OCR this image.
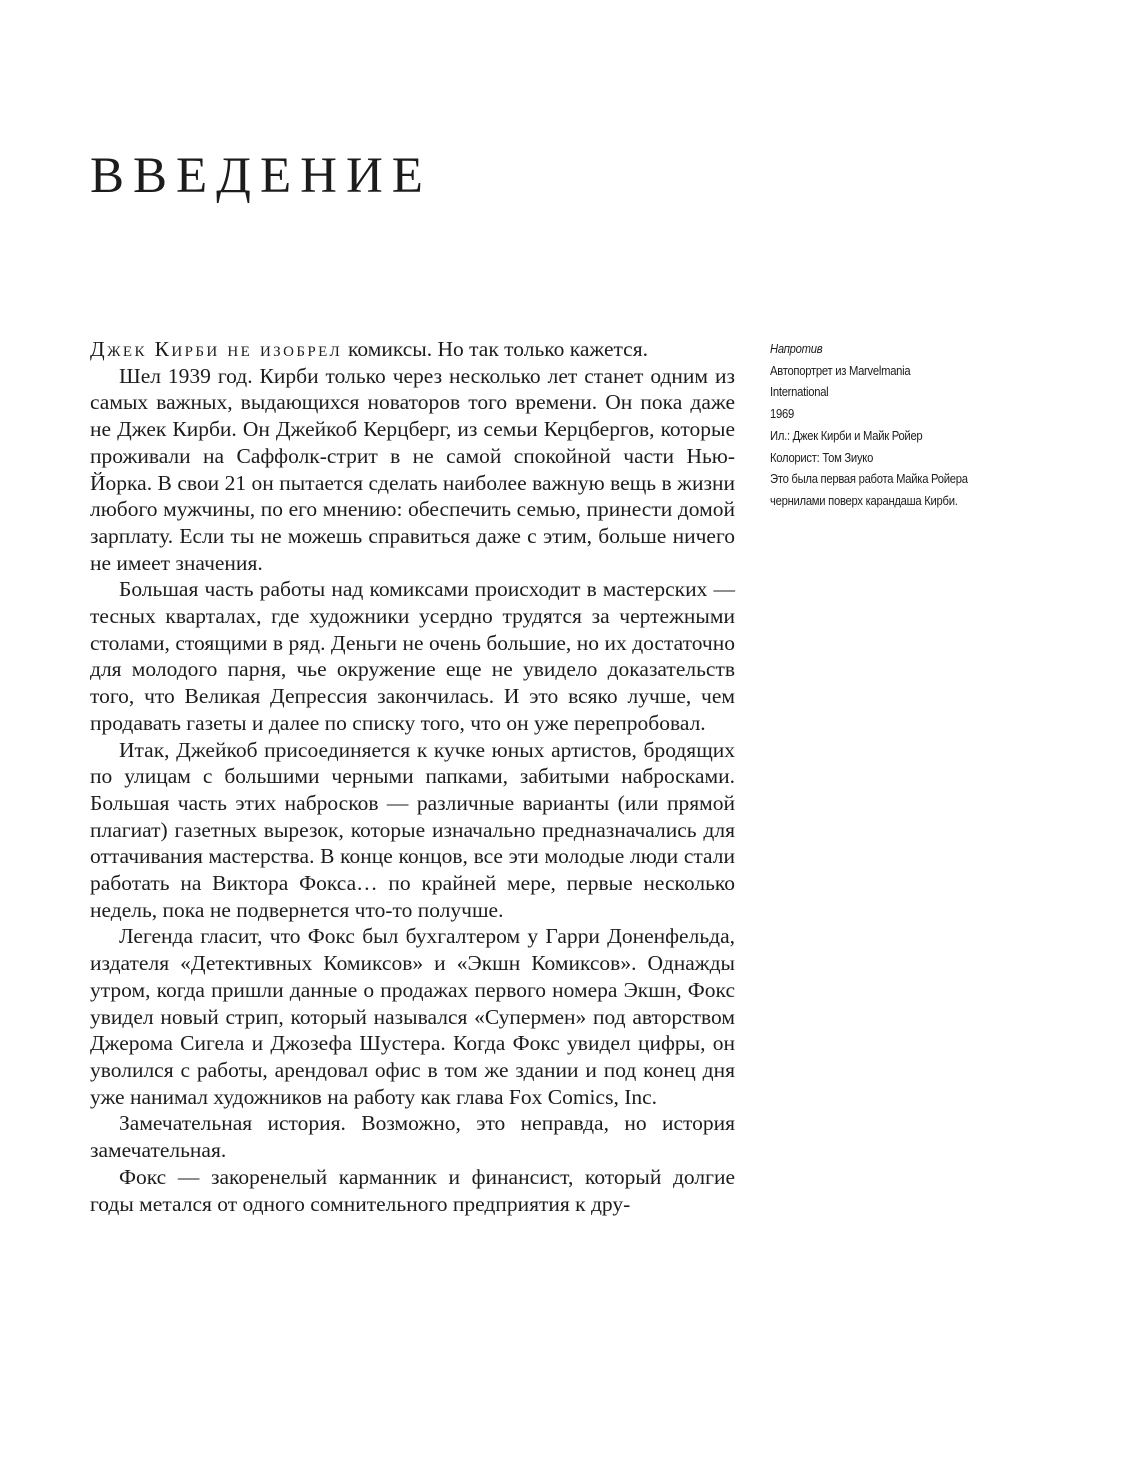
ВВЕДЕНИЕ
Напротив
Автопортрет из Marvelmania
International
1969
Ил.: Джек Кирби и Майк Ройер
Колорист: Том Зиуко
Это была первая работа Майка Ройера
чернилами поверх карандаша Кирби.

Джек Кирби не изобрел комиксы. Но так только кажется.

Шел 1939 год. Кирби только через несколько лет станет одним из самых важных, выдающихся новаторов того времени. Он пока даже не Джек Кирби. Он Джейкоб Керцберг, из семьи Керцбергов, которые проживали на Саффолк-стрит в не самой спокойной части Нью-Йорка. В свои 21 он пытается сделать наиболее важную вещь в жизни любого мужчины, по его мнению: обеспечить семью, принести домой зарплату. Если ты не можешь справиться даже с этим, больше ничего не имеет значения.

Большая часть работы над комиксами происходит в мастерских — тесных кварталах, где художники усердно трудятся за чертежными столами, стоящими в ряд. Деньги не очень большие, но их достаточно для молодого парня, чье окружение еще не увидело доказательств того, что Великая Депрессия закончилась. И это всяко лучше, чем продавать газеты и далее по списку того, что он уже перепробовал.

Итак, Джейкоб присоединяется к кучке юных артистов, бродящих по улицам с большими черными папками, забитыми набросками. Большая часть этих набросков — различные варианты (или прямой плагиат) газетных вырезок, которые изначально предназначались для оттачивания мастерства. В конце концов, все эти молодые люди стали работать на Виктора Фокса… по крайней мере, первые несколько недель, пока не подвернется что-то получше.

Легенда гласит, что Фокс был бухгалтером у Гарри Доненфельда, издателя «Детективных Комиксов» и «Экшн Комиксов». Однажды утром, когда пришли данные о продажах первого номера Экшн, Фокс увидел новый стрип, который назывался «Супермен» под авторством Джерома Сигела и Джозефа Шустера. Когда Фокс увидел цифры, он уволился с работы, арендовал офис в том же здании и под конец дня уже нанимал художников на работу как глава Fox Comics, Inc.

Замечательная история. Возможно, это неправда, но история замечательная.

Фокс — закоренелый карманник и финансист, который долгие годы метался от одного сомнительного предприятия к дру-
